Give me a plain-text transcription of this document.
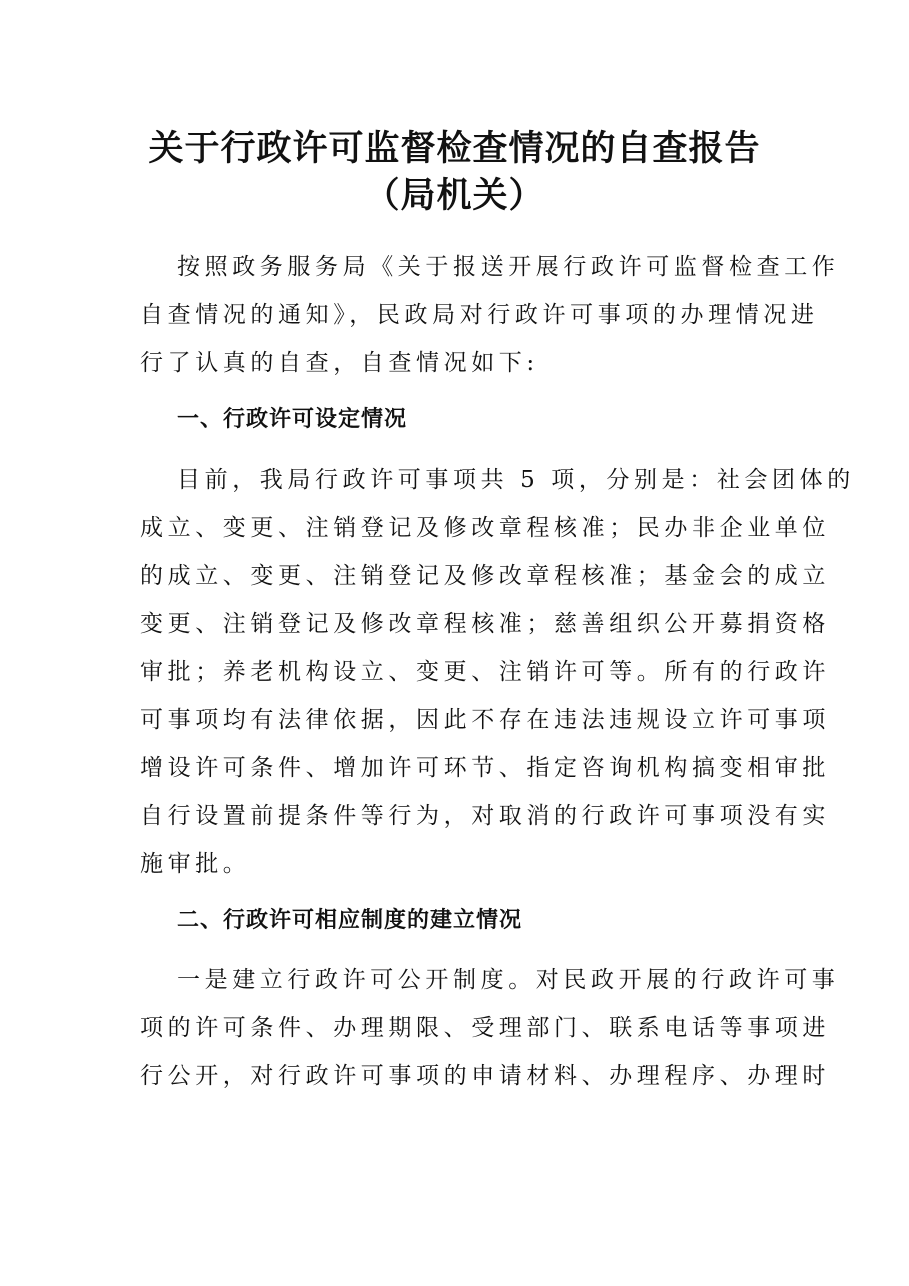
关于行政许可监督检查情况的自查报告
（局机关）
按照政务服务局《关于报送开展行政许可监督检查工作
自查情况的通知》，民政局对行政许可事项的办理情况进
行了认真的自查，自查情况如下:
一、行政许可设定情况
目前，我局行政许可事项共 5 项，分别是：社会团体的
成立、变更、注销登记及修改章程核准；民办非企业单位
的成立、变更、注销登记及修改章程核准；基金会的成立
变更、注销登记及修改章程核准；慈善组织公开募捐资格
审批；养老机构设立、变更、注销许可等。所有的行政许
可事项均有法律依据，因此不存在违法违规设立许可事项
增设许可条件、增加许可环节、指定咨询机构搞变相审批
自行设置前提条件等行为，对取消的行政许可事项没有实
施审批。
二、行政许可相应制度的建立情况
一是建立行政许可公开制度。对民政开展的行政许可事
项的许可条件、办理期限、受理部门、联系电话等事项进
行公开，对行政许可事项的申请材料、办理程序、办理时
